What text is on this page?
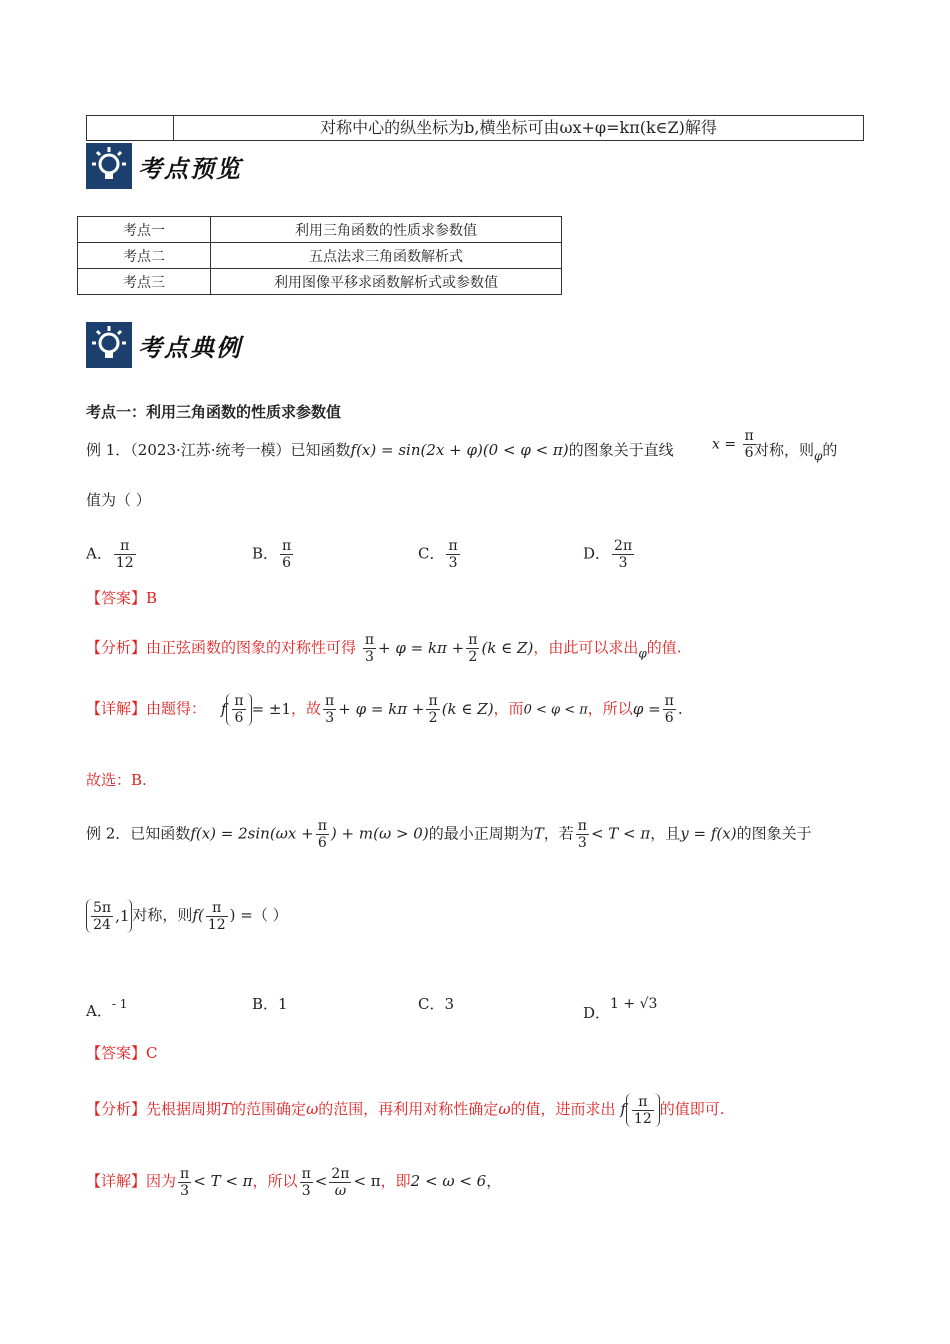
对称中心的纵坐标为b,横坐标可由ωx+φ=kπ(k∈Z)解得
考点预览
考点一	利用三角函数的性质求参数值
考点二	五点法求三角函数解析式
考点三	利用图像平移求函数解析式或参数值
考点典例
考点一：利用三角函数的性质求参数值
例 1．（2023·江苏·统考一模）已知函数f(x) = sin(2x + φ)(0 < φ < π)的图象关于直线	$x = \frac{\pi}{6}$
对称，则$_\varphi$的
值为（ ）
A． $\frac{\pi}{12}$	B． $\frac{\pi}{6}$	C． $\frac{\pi}{3}$	D． $\frac{2\pi}{3}$
【答案】B
【分析】由正弦函数的图象的对称性可得 $\frac{\pi}{3} + \varphi = k\pi + \frac{\pi}{2} (k$ ∈ Z)，由此可以求出$_\varphi$的值.
【详解】由题得： f $\frac{\pi}{6} = \pm 1$，故 $\frac{\pi}{3} + \varphi = k\pi + \frac{\pi}{2} (k$ ∈ Z)，而0 < φ < π，所以$\varphi = \frac{\pi}{6}$ .
故选：B.
例 2．已知函数$f(x) = 2\sin(\omega x + \frac{\pi}{6}$ ) + m(ω > 0)的最小正周期为T，若 $\frac{\pi}{3} < T < \pi$，且y = f(x)的图象关于
$\frac{5\pi}{24} ,1$ 对称，则$f( \frac{\pi}{12}$ ) =（ ）
A．$^{- 1}$	B．1	C．3	D．1 + √3
【答案】C
【分析】先根据周期T的范围确定ω的范围，再利用对称性确定ω的值，进而求出 f $\frac{\pi}{12}$ 的值即可.
【详解】因为 $\frac{\pi}{3} < T < \pi$，所以 $\frac{\pi}{3} < \frac{2\pi}{\omega} < \pi$，即2 < ω < 6，
